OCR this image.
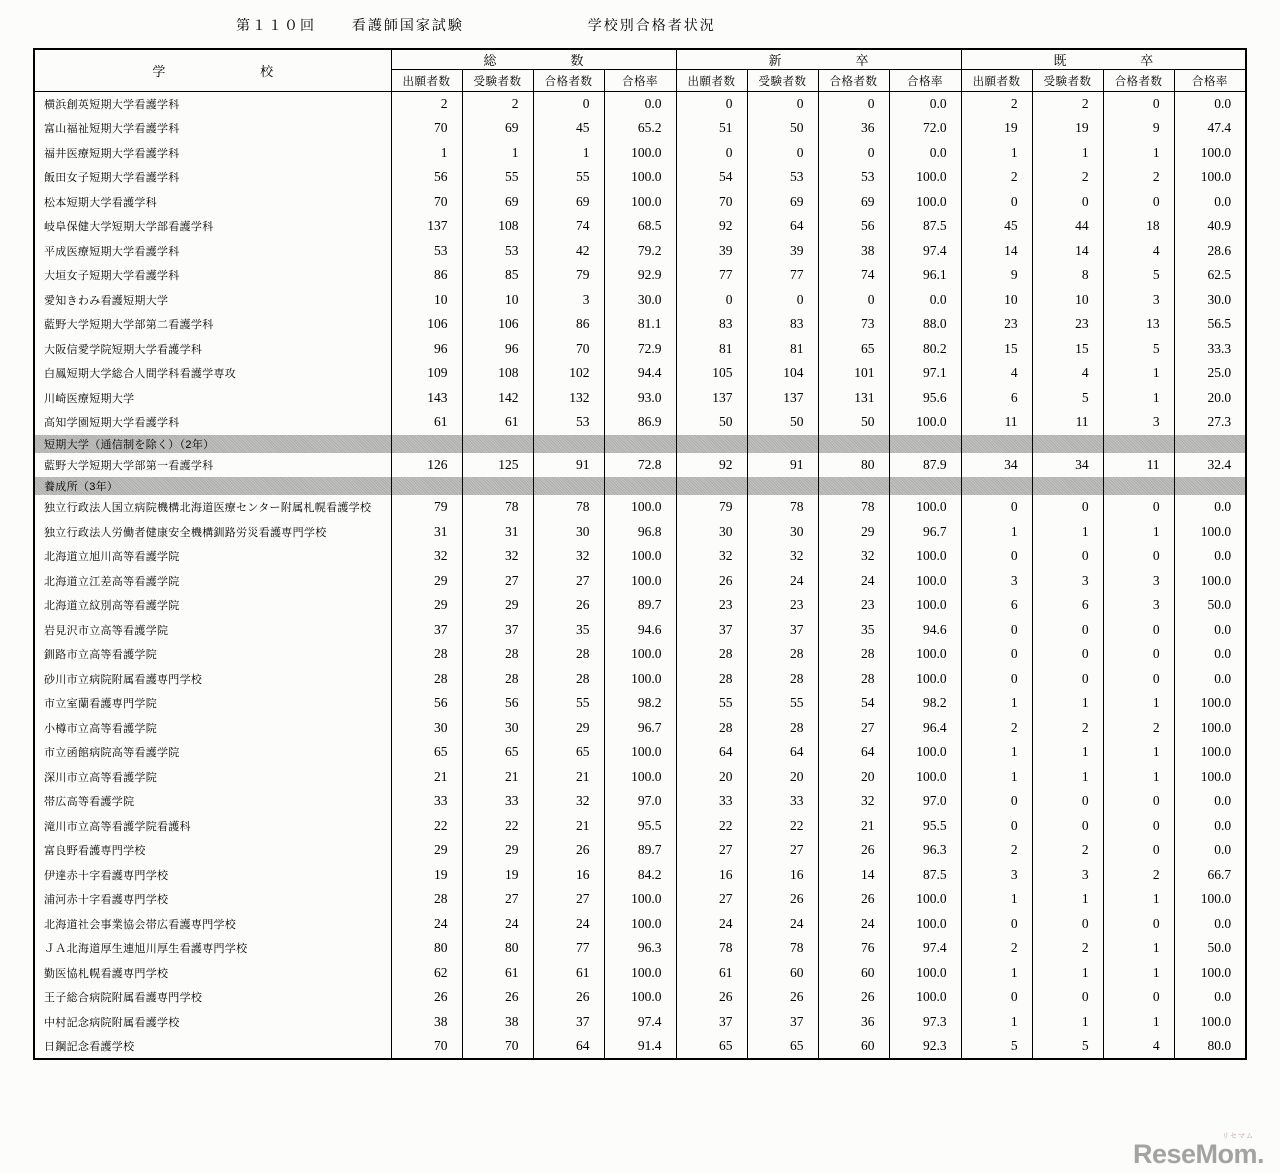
第１１０回	看護師国家試験	学校別合格者状況
学 校	総 数				新 卒				既 卒			

	出願者数	受験者数	合格者数	合格率	出願者数	受験者数	合格者数	合格率	出願者数	受験者数	合格者数	合格率
横浜創英短期大学看護学科	2	2	0	0.0	0	0	0	0.0	2	2	0	0.0
富山福祉短期大学看護学科	70	69	45	65.2	51	50	36	72.0	19	19	9	47.4
福井医療短期大学看護学科	1	1	1	100.0	0	0	0	0.0	1	1	1	100.0
飯田女子短期大学看護学科	56	55	55	100.0	54	53	53	100.0	2	2	2	100.0
松本短期大学看護学科	70	69	69	100.0	70	69	69	100.0	0	0	0	0.0
岐阜保健大学短期大学部看護学科	137	108	74	68.5	92	64	56	87.5	45	44	18	40.9
平成医療短期大学看護学科	53	53	42	79.2	39	39	38	97.4	14	14	4	28.6
大垣女子短期大学看護学科	86	85	79	92.9	77	77	74	96.1	9	8	5	62.5
愛知きわみ看護短期大学	10	10	3	30.0	0	0	0	0.0	10	10	3	30.0
藍野大学短期大学部第二看護学科	106	106	86	81.1	83	83	73	88.0	23	23	13	56.5
大阪信愛学院短期大学看護学科	96	96	70	72.9	81	81	65	80.2	15	15	5	33.3
白鳳短期大学総合人間学科看護学専攻	109	108	102	94.4	105	104	101	97.1	4	4	1	25.0
川崎医療短期大学	143	142	132	93.0	137	137	131	95.6	6	5	1	20.0
高知学園短期大学看護学科	61	61	53	86.9	50	50	50	100.0	11	11	3	27.3
短期大学（通信制を除く）（2年）												
藍野大学短期大学部第一看護学科	126	125	91	72.8	92	91	80	87.9	34	34	11	32.4
養成所（3年）												
独立行政法人国立病院機構北海道医療センター附属札幌看護学校	79	78	78	100.0	79	78	78	100.0	0	0	0	0.0
独立行政法人労働者健康安全機構釧路労災看護専門学校	31	31	30	96.8	30	30	29	96.7	1	1	1	100.0
北海道立旭川高等看護学院	32	32	32	100.0	32	32	32	100.0	0	0	0	0.0
北海道立江差高等看護学院	29	27	27	100.0	26	24	24	100.0	3	3	3	100.0
北海道立紋別高等看護学院	29	29	26	89.7	23	23	23	100.0	6	6	3	50.0
岩見沢市立高等看護学院	37	37	35	94.6	37	37	35	94.6	0	0	0	0.0
釧路市立高等看護学院	28	28	28	100.0	28	28	28	100.0	0	0	0	0.0
砂川市立病院附属看護専門学校	28	28	28	100.0	28	28	28	100.0	0	0	0	0.0
市立室蘭看護専門学院	56	56	55	98.2	55	55	54	98.2	1	1	1	100.0
小樽市立高等看護学院	30	30	29	96.7	28	28	27	96.4	2	2	2	100.0
市立函館病院高等看護学院	65	65	65	100.0	64	64	64	100.0	1	1	1	100.0
深川市立高等看護学院	21	21	21	100.0	20	20	20	100.0	1	1	1	100.0
帯広高等看護学院	33	33	32	97.0	33	33	32	97.0	0	0	0	0.0
滝川市立高等看護学院看護科	22	22	21	95.5	22	22	21	95.5	0	0	0	0.0
富良野看護専門学校	29	29	26	89.7	27	27	26	96.3	2	2	0	0.0
伊達赤十字看護専門学校	19	19	16	84.2	16	16	14	87.5	3	3	2	66.7
浦河赤十字看護専門学校	28	27	27	100.0	27	26	26	100.0	1	1	1	100.0
北海道社会事業協会帯広看護専門学校	24	24	24	100.0	24	24	24	100.0	0	0	0	0.0
ＪＡ北海道厚生連旭川厚生看護専門学校	80	80	77	96.3	78	78	76	97.4	2	2	1	50.0
勤医協札幌看護専門学校	62	61	61	100.0	61	60	60	100.0	1	1	1	100.0
王子総合病院附属看護専門学校	26	26	26	100.0	26	26	26	100.0	0	0	0	0.0
中村記念病院附属看護学校	38	38	37	97.4	37	37	36	97.3	1	1	1	100.0
日鋼記念看護学校	70	70	64	91.4	65	65	60	92.3	5	5	4	80.0
リセマム
ReseMom.
